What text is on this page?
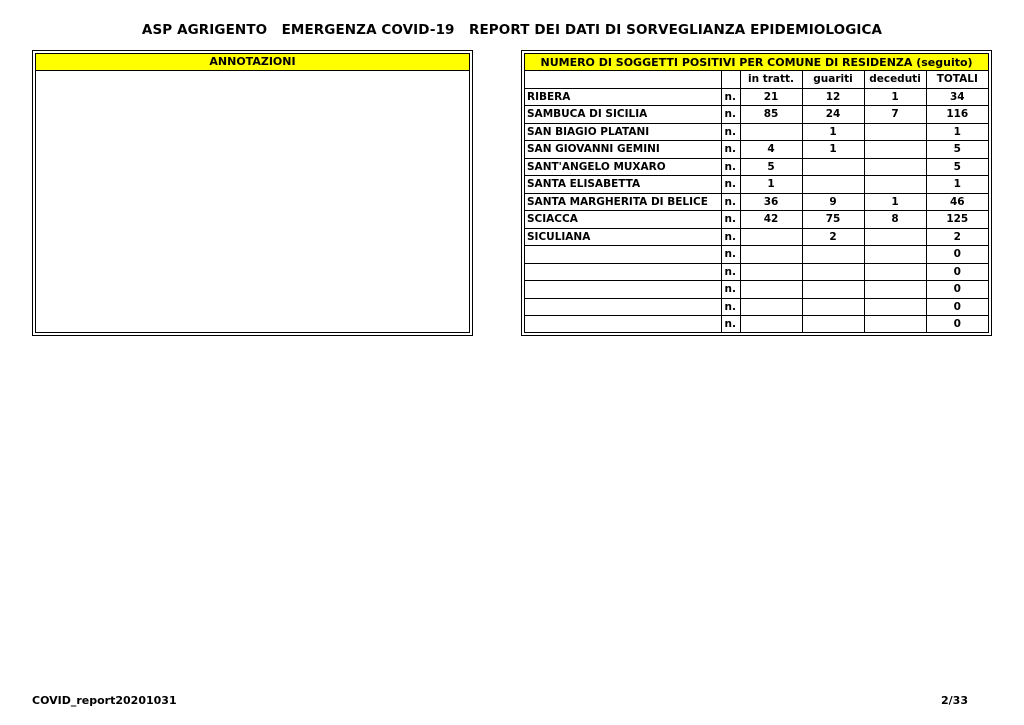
ASP AGRIGENTO   EMERGENZA COVID-19   REPORT DEI DATI DI SORVEGLIANZA EPIDEMIOLOGICA
ANNOTAZIONI	NUMERO DI SOGGETTI POSITIVI PER COMUNE DI RESIDENZA (seguito)					
		in tratt.	guariti	deceduti	TOTALI
RIBERA	n.	21	12	1	34
SAMBUCA DI SICILIA	n.	85	24	7	116
SAN BIAGIO PLATANI	n.		1		1
SAN GIOVANNI GEMINI	n.	4	1		5
SANT'ANGELO MUXARO	n.	5			5
SANTA ELISABETTA	n.	1			1
SANTA MARGHERITA DI BELICE	n.	36	9	1	46
SCIACCA	n.	42	75	8	125
SICULIANA	n.		2		2
	n.				0
	n.				0
	n.				0
	n.				0
	n.				0
COVID_report20201031	2/33
